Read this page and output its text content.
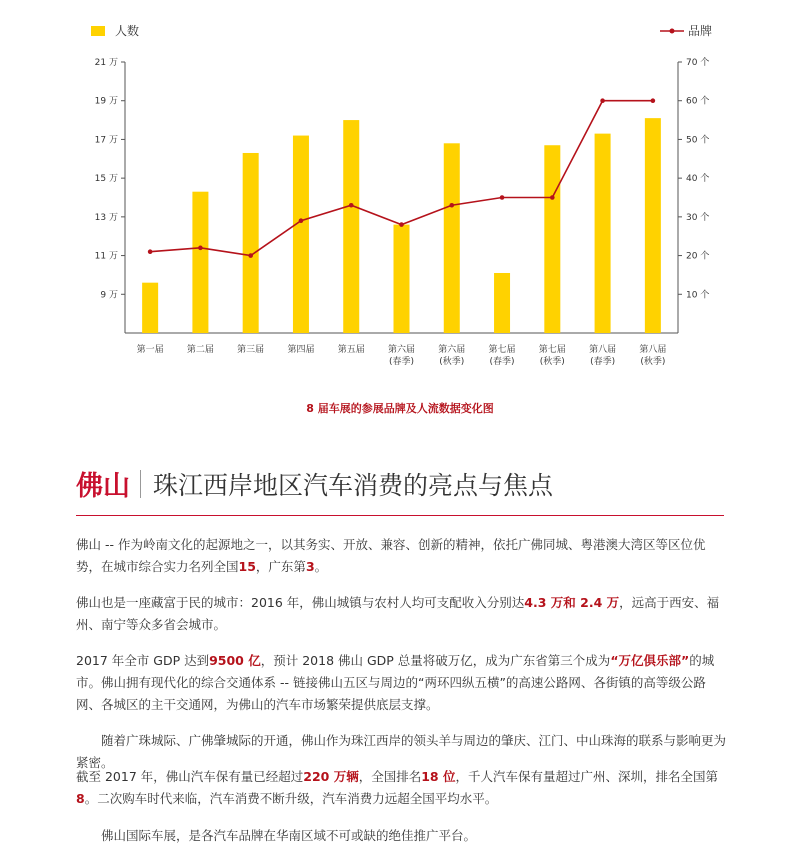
人数	品牌
9 万
11 万
13 万
15 万
17 万
19 万
21 万
10 个
20 个
30 个
40 个
50 个
60 个
70 个
第一届	第二届	第三届	第四届	第五届	第六届
(春季)
第六届
(秋季)
第七届
(春季)
第七届
(秋季)
第八届
(春季)
第八届
(秋季)
8 届车展的参展品牌及人流数据变化图
佛山 珠江西岸地区汽车消费的亮点与焦点
佛山 -- 作为岭南文化的起源地之一，以其务实、开放、兼容、创新的精神，依托广佛同城、粤港澳大湾区等区位优势，在城市综合实力名列全国15，广东第3。
佛山也是一座藏富于民的城市：2016 年，佛山城镇与农村人均可支配收入分别达4.3 万和 2.4 万，远高于西安、福州、南宁等众多省会城市。
2017 年全市 GDP 达到9500 亿，预计 2018 佛山 GDP 总量将破万亿，成为广东省第三个成为“万亿俱乐部”的城市。佛山拥有现代化的综合交通体系 -- 链接佛山五区与周边的“两环四纵五横”的高速公路网、各街镇的高等级公路网、各城区的主干交通网，为佛山的汽车市场繁荣提供底层支撑。
随着广珠城际、广佛肇城际的开通，佛山作为珠江西岸的领头羊与周边的肇庆、江门、中山珠海的联系与影响更为紧密。
截至 2017 年，佛山汽车保有量已经超过220 万辆，全国排名18 位，千人汽车保有量超过广州、深圳，排名全国第8。二次购车时代来临，汽车消费不断升级，汽车消费力远超全国平均水平。
佛山国际车展，是各汽车品牌在华南区域不可或缺的绝佳推广平台。
